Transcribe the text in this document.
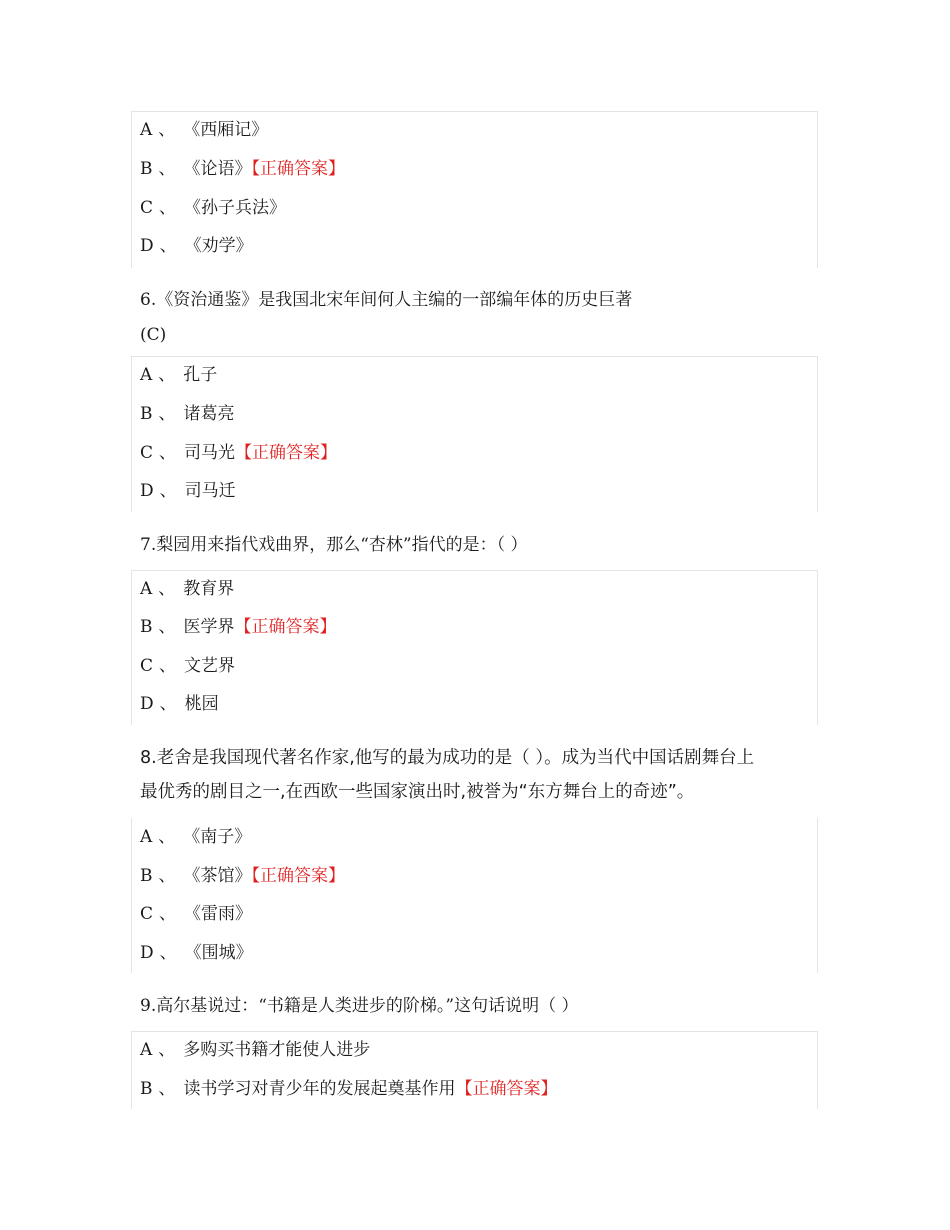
A 、 《西厢记》
B 、 《论语》【正确答案】
C 、 《孙子兵法》
D 、 《劝学》
6.《资治通鉴》是我国北宋年间何人主编的一部编年体的历史巨著
(C)
A 、 孔子
B 、 诸葛亮
C 、 司马光【正确答案】
D 、 司马迁
7.梨园用来指代戏曲界，那么“杏林”指代的是：（ ）
A 、 教育界
B 、 医学界【正确答案】
C 、 文艺界
D 、 桃园
8.老舍是我国现代著名作家,他写的最为成功的是（ ）。成为当代中国话剧舞台上
最优秀的剧目之一,在西欧一些国家演出时,被誉为“东方舞台上的奇迹”。
A 、 《南子》
B 、 《茶馆》【正确答案】
C 、 《雷雨》
D 、 《围城》
9.高尔基说过：“书籍是人类进步的阶梯。”这句话说明（ ）
A 、 多购买书籍才能使人进步
B 、 读书学习对青少年的发展起奠基作用【正确答案】
